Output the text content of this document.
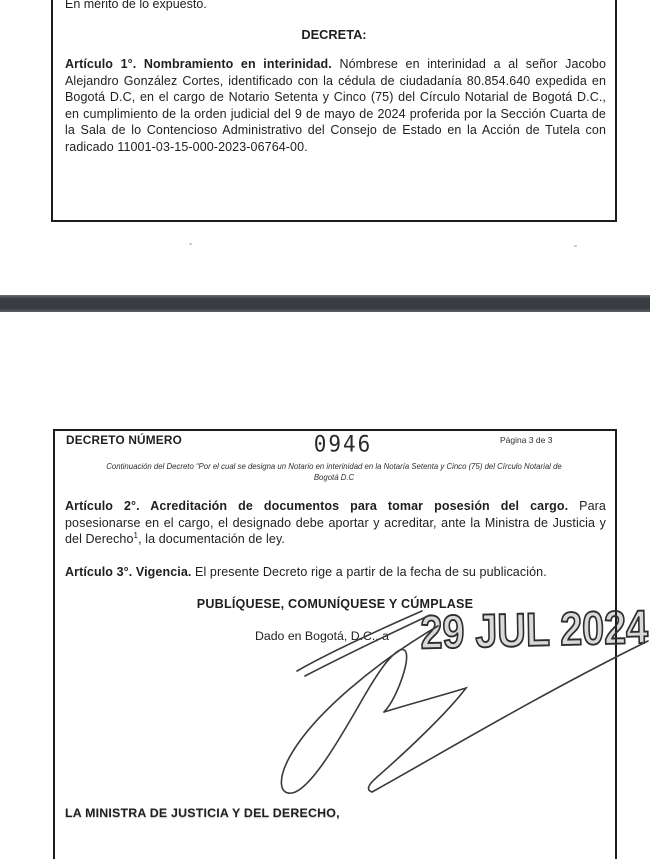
En mérito de lo expuesto.
DECRETA:
Artículo 1°. Nombramiento en interinidad. Nómbrese en interinidad a al señor Jacobo Alejandro González Cortes, identificado con la cédula de ciudadanía 80.854.640 expedida en Bogotá D.C, en el cargo de Notario Setenta y Cinco (75) del Círculo Notarial de Bogotá D.C., en cumplimiento de la orden judicial del 9 de mayo de 2024 proferida por la Sección Cuarta de la Sala de lo Contencioso Administrativo del Consejo de Estado en la Acción de Tutela con radicado 11001-03-15-000-2023-06764-00.
DECRETO NÚMERO	0946	Página 3 de 3
Continuación del Decreto “Por el cual se designa un Notario en interinidad en la Notaría Setenta y Cinco (75) del Círculo Notarial de
Bogotá D.C
Artículo 2°. Acreditación de documentos para tomar posesión del cargo. Para posesionarse en el cargo, el designado debe aportar y acreditar, ante la Ministra de Justicia y del Derecho$^1$, la documentación de ley.
Artículo 3°. Vigencia. El presente Decreto rige a partir de la fecha de su publicación.
PUBLÍQUESE, COMUNÍQUESE Y CÚMPLASE
Dado en Bogotá, D.C., a 29 JUL 2024
LA MINISTRA DE JUSTICIA Y DEL DERECHO,
